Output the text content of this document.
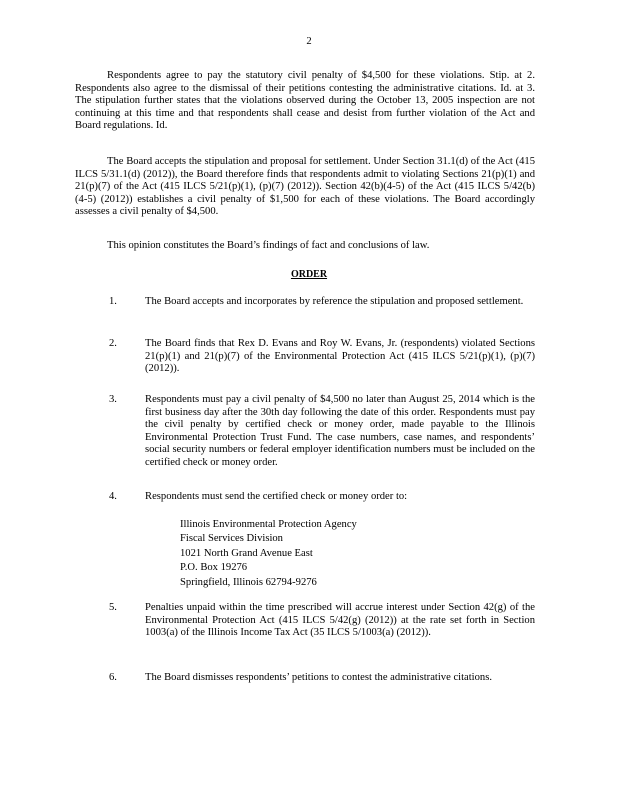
2

Respondents agree to pay the statutory civil penalty of $4,500 for these violations. Stip. at 2. Respondents also agree to the dismissal of their petitions contesting the administrative citations. Id. at 3. The stipulation further states that the violations observed during the October 13, 2005 inspection are not continuing at this time and that respondents shall cease and desist from further violation of the Act and Board regulations. Id.

The Board accepts the stipulation and proposal for settlement. Under Section 31.1(d) of the Act (415 ILCS 5/31.1(d) (2012)), the Board therefore finds that respondents admit to violating Sections 21(p)(1) and 21(p)(7) of the Act (415 ILCS 5/21(p)(1), (p)(7) (2012)). Section 42(b)(4-5) of the Act (415 ILCS 5/42(b)(4-5) (2012)) establishes a civil penalty of $1,500 for each of these violations. The Board accordingly assesses a civil penalty of $4,500.

This opinion constitutes the Board’s findings of fact and conclusions of law.

ORDER
1.	The Board accepts and incorporates by reference the stipulation and proposed settlement.
2.	The Board finds that Rex D. Evans and Roy W. Evans, Jr. (respondents) violated Sections 21(p)(1) and 21(p)(7) of the Environmental Protection Act (415 ILCS 5/21(p)(1), (p)(7) (2012)).
3.	Respondents must pay a civil penalty of $4,500 no later than August 25, 2014 which is the first business day after the 30th day following the date of this order. Respondents must pay the civil penalty by certified check or money order, made payable to the Illinois Environmental Protection Trust Fund. The case numbers, case names, and respondents’ social security numbers or federal employer identification numbers must be included on the certified check or money order.
4.	Respondents must send the certified check or money order to:
Illinois Environmental Protection Agency
Fiscal Services Division
1021 North Grand Avenue East
P.O. Box 19276
Springfield, Illinois 62794-9276
5.	Penalties unpaid within the time prescribed will accrue interest under Section 42(g) of the Environmental Protection Act (415 ILCS 5/42(g) (2012)) at the rate set forth in Section 1003(a) of the Illinois Income Tax Act (35 ILCS 5/1003(a) (2012)).
6.	The Board dismisses respondents’ petitions to contest the administrative citations.
